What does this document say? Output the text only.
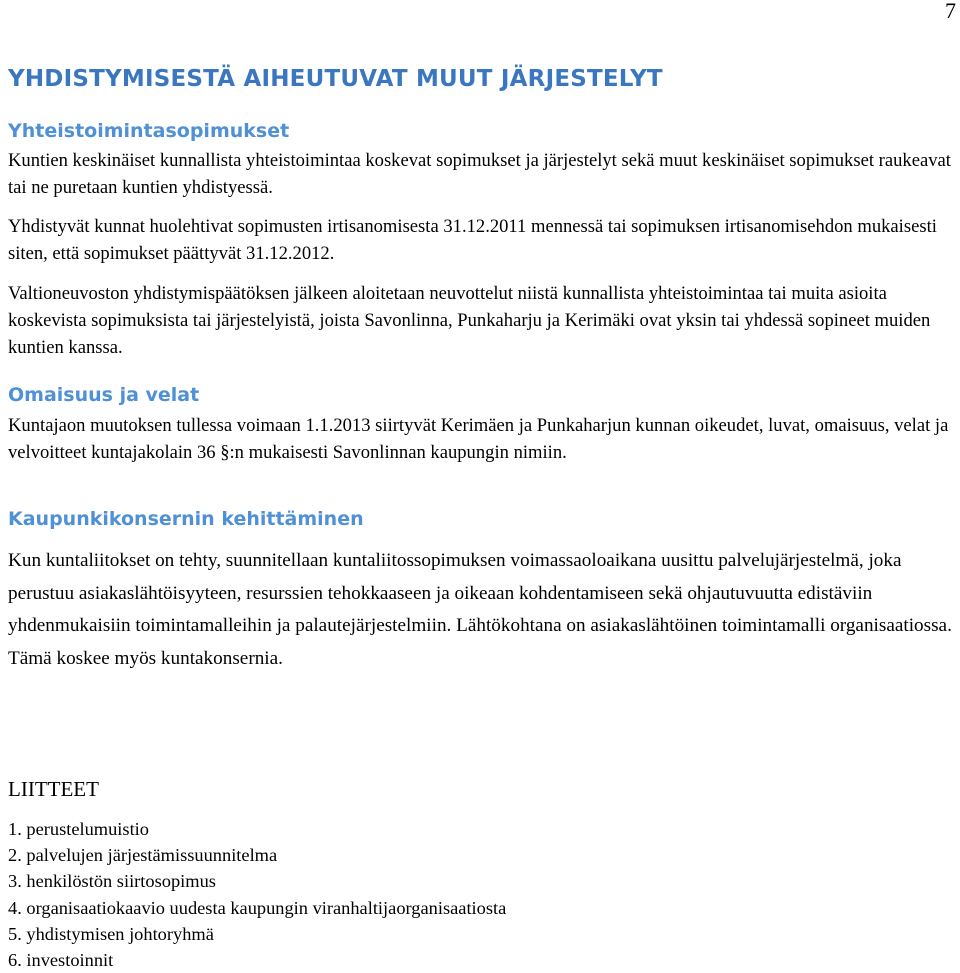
7
YHDISTYMISESTÄ AIHEUTUVAT MUUT JÄRJESTELYT
Yhteistoimintasopimukset

Kuntien keskinäiset kunnallista yhteistoimintaa koskevat sopimukset ja järjestelyt sekä muut keskinäiset sopimukset raukeavat tai ne puretaan kuntien yhdistyessä.

Yhdistyvät kunnat huolehtivat sopimusten irtisanomisesta 31.12.2011 mennessä tai sopimuksen irtisanomisehdon mukaisesti siten, että sopimukset päättyvät 31.12.2012.

Valtioneuvoston yhdistymispäätöksen jälkeen aloitetaan neuvottelut niistä kunnallista yhteistoimintaa tai muita asioita koskevista sopimuksista tai järjestelyistä, joista Savonlinna, Punkaharju ja Kerimäki ovat yksin tai yhdessä sopineet muiden kuntien kanssa.

Omaisuus ja velat

Kuntajaon muutoksen tullessa voimaan 1.1.2013 siirtyvät Kerimäen ja Punkaharjun kunnan oikeudet, luvat, omaisuus, velat ja velvoitteet kuntajakolain 36 §:n mukaisesti Savonlinnan kaupungin nimiin.

Kaupunkikonsernin kehittäminen

Kun kuntaliitokset on tehty, suunnitellaan kuntaliitossopimuksen voimassaoloaikana uusittu palvelujärjestelmä, joka perustuu asiakaslähtöisyyteen, resurssien tehokkaaseen ja oikeaan kohdentamiseen sekä ohjautuvuutta edistäviin yhdenmukaisiin toimintamalleihin ja palautejärjestelmiin. Lähtökohtana on asiakaslähtöinen toimintamalli organisaatiossa. Tämä koskee myös kuntakonsernia.

LIITTEET
1. perustelumuistio
2. palvelujen järjestämissuunnitelma
3. henkilöstön siirtosopimus
4. organisaatiokaavio uudesta kaupungin viranhaltijaorganisaatiosta
5. yhdistymisen johtoryhmä
6. investoinnit
